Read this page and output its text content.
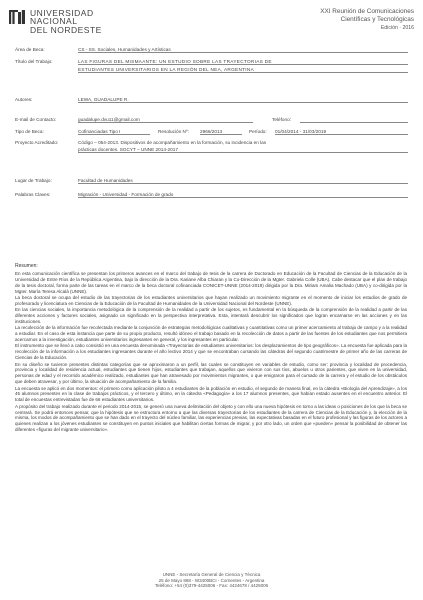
UNIVERSIDAD
NACIONAL
DEL NORDESTE
XXI Reunión de Comunicaciones
Científicas y Tecnológicas
Edición · 2016
Área de Beca:	CS - SS. Sociales, Humanidades y Artísticas
Título del Trabajo:	LAS FIGURAS DEL MISMAANTE: UN ESTUDIO SOBRE LAS TRAYECTORIAS DE
ESTUDIANTES UNIVERSITARIOS EN LA REGIÓN DEL NEA, ARGENTINA
Autores:	LEWA, GUADALUPE R.
E-mail de Contacto:	guadalupe.dvu11@gmail.com	Teléfono:
Tipo de Beca:	Cofinanciadas Tipo I	Resolución Nº: 2966/2013	Período: 01/04/2014 - 31/03/2019
Proyecto Acreditado:	Código – 054-2013. Dispositivos de acompañamiento en la formación, su incidencia en las
prácticas docentes. SGCYT – UNNE 2014-2017
Lugar de Trabajo:	Facultad de Humanidades
Palabras Claves:	Migración - Universidad - Formación de grado
Resumen:

En esta comunicación científica se presentan los primeros avances en el marco del trabajo de tesis de la carrera de Doctorado en Educación de la Facultad de Ciencias de la Educación de la Universidad de Entre Ríos de la República Argentina, bajo la dirección de la Dra. Kariane Alba Chiaran y la Co-Dirección de la Mgter. Gabriela Colle (UBA). Cabe destacar que el plan de trabajo de la tesis doctoral, forma parte de las tareas en el marco de la beca doctoral cofinanciada CONICET-UNNE (2014-2019) dirigida por la Dra. Miriam Amalia Machado (UBA) y co-dirigida por la Mgter. María Teresa Alcalá (UNNE).

La beca doctoral se ocupa del estudio de las trayectorias de los estudiantes universitarios que hayan realizado un movimiento migrante en el momento de iniciar los estudios de grado de profesorado y licenciatura en Ciencias de la Educación de la Facultad de Humanidades de la Universidad Nacional del Nordeste (UNNE).

En las ciencias sociales, la importancia metodológica de la comprensión de la realidad a partir de los sujetos, es fundamental en la búsqueda de la comprensión de la realidad a partir de las diferentes acciones y factores sociales, asignado un significado en la perspectiva interpretativa. Esta, intentará descubrir los significados que logran encarnarse en las acciones y en las instituciones.

La recolección de la información fue recolectada mediante la conjunción de estrategias metodológicas cualitativas y cuantitativas como un primer acercamiento al trabajo de campo y a la realidad a estudiar. En el caso de esta instancia que parte de su propio producto, resultó idóneo el trabajo basado en la recolección de datos a partir de las fuentes de los estudiantes que nos permitiera acercarnos a la investigación, estudiantes universitarios ingresantes en general, y los ingresantes en particular.

El instrumento que se llevó a cabo consistió en una encuesta denominada «Trayectorias de estudiantes universitarios: los desplazamientos de tipo geográficos». La encuesta fue aplicada para la recolección de la información a los estudiantes ingresantes durante el año lectivo 2014 y que se encontraban cursando las cátedras del segundo cuatrimestre de primer año de las carreras de Ciencias de la Educación.

En su diseño se tuvieron presentes distintas categorías que se aproximaron a un perfil, las cuales se constituyen en variables de estudio, como ser: provincia y localidad de procedencia, provincia y localidad de residencia actual, estudiantes que tienen hijos, estudiantes que trabajan, aquellos que vivieron con sus tíos, abuelos u otros parientes, que viven en la universidad, personas de edad y el recorrido académico realizado, estudiantes que han atravesado por movimientos migrantes, o que emigraron para el cursado de la carrera y el estudio de los obstáculos que deben atravesar, y por último, la situación de acompañamiento de la familia.

La encuesta se aplicó en dos momentos: el primero como aplicación piloto a 4 estudiantes de la población en estudio, el segundo de manera final, en la cátedra «Biología del Aprendizaje», a los 45 alumnos presentes en la clase de trabajos prácticos, y el tercero y último, en la cátedra «Pedagogía» a los 17 alumnos presentes, que habían estado ausentes en el encuentro anterior. El total de encuestas entrevistadas fue de 66 estudiantes universitarios.

A propósito del trabajo realizado durante el periodo 2014-2015, se generó una nueva delimitación del objeto y con ello una nueva hipótesis en torno a las ideas o posiciones de los que la beca se centrará. Se podrá entonces pensar, que la hipótesis que se estructura entorno a que las diversas trayectorias de los estudiantes de la carrera de Ciencias de la Educación y, la elección de la misma, los modos de acompañamiento que se han dado en el trayecto del núcleo familiar, las experiencias previas, las expectativas basadas en el futuro profesional y las figuras de los actores a quienes realizan a los jóvenes estudiantes se constituyen en puntos iniciales que habilitan ciertas formas de migrar, y por otro lado, un orden que «pueden» pensar la posibilidad de obtener las diferentes «figuras del migrante universitario».

UNNE - Secretaría General de Ciencia y Técnica
25 de Mayo 868 - W3400BCI - Corrientes - Argentina
Teléfono: +54 (0)379-4425006 - Fax: 4424678 / 4425006
